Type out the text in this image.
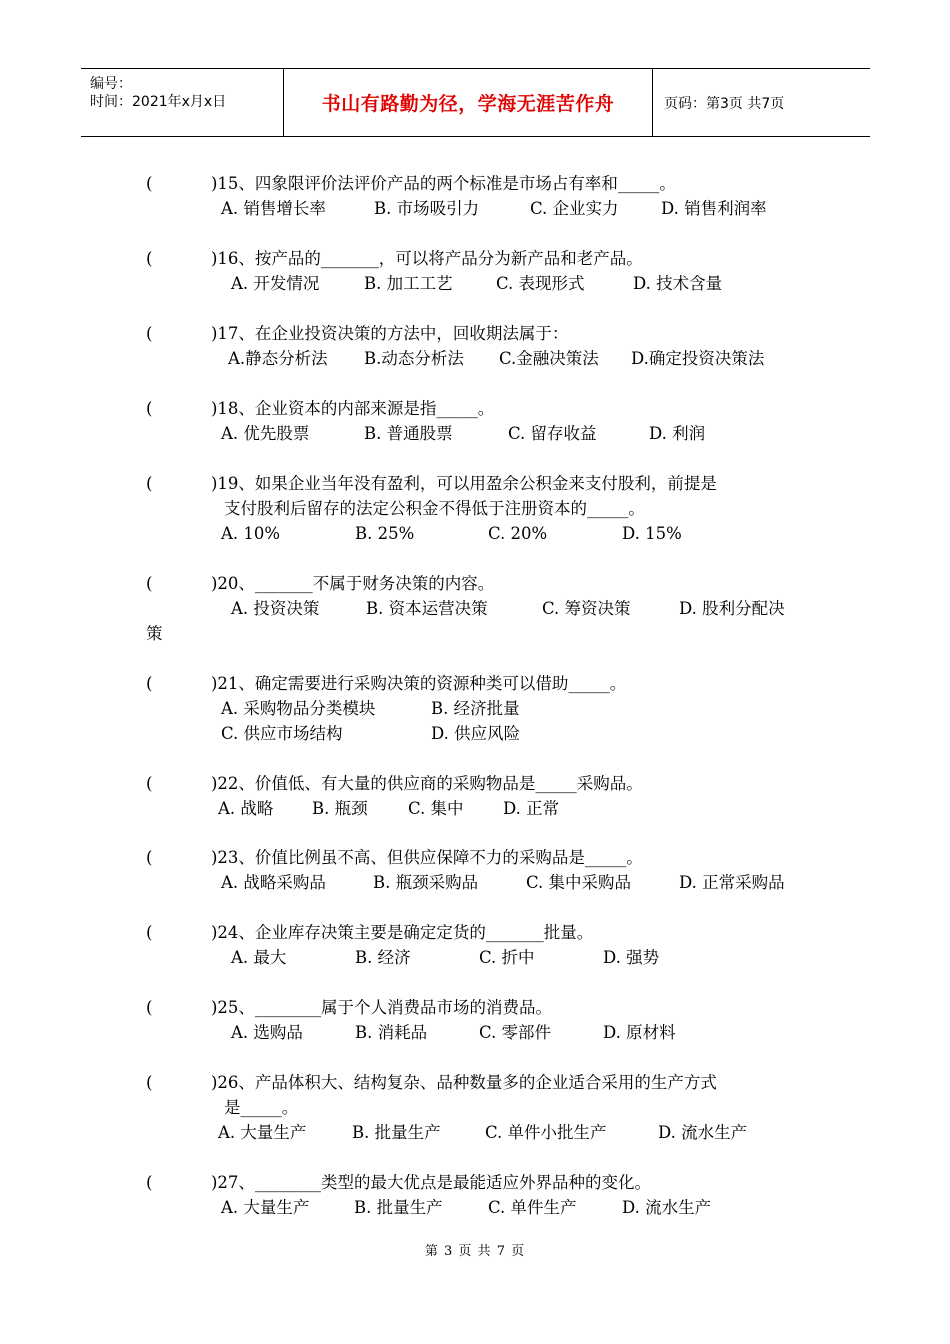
编号：
时间：2021年x月x日	书山有路勤为径，学海无涯苦作舟	页码：第3页 共7页
(	)15、四象限评价法评价产品的两个标准是市场占有率和_____。
A. 销售增长率	B. 市场吸引力	C. 企业实力	D. 销售利润率
(	)16、按产品的_______，可以将产品分为新产品和老产品。
A. 开发情况	B. 加工工艺	C. 表现形式	D. 技术含量
(	)17、在企业投资决策的方法中，回收期法属于：
A.静态分析法 B.动态分析法 C.金融决策法 D.确定投资决策法
(	)18、企业资本的内部来源是指_____。
A. 优先股票	B. 普通股票	C. 留存收益	D. 利润
(	)19、如果企业当年没有盈利，可以用盈余公积金来支付股利，前提是
支付股利后留存的法定公积金不得低于注册资本的_____。
A. 10%	B. 25%	C. 20%	D. 15%
(	)20、_______不属于财务决策的内容。
A. 投资决策	B. 资本运营决策	C. 筹资决策	D. 股利分配决
策
(	)21、确定需要进行采购决策的资源种类可以借助_____。
A. 采购物品分类模块	B. 经济批量
C. 供应市场结构	D. 供应风险
(	)22、价值低、有大量的供应商的采购物品是_____采购品。
A. 战略 B. 瓶颈 C. 集中 D. 正常
(	)23、价值比例虽不高、但供应保障不力的采购品是_____。
A. 战略采购品	B. 瓶颈采购品	C. 集中采购品	D. 正常采购品
(	)24、企业库存决策主要是确定定货的_______批量。
A. 最大	B. 经济	C. 折中	D. 强势
(	)25、________属于个人消费品市场的消费品。
A. 选购品	B. 消耗品	C. 零部件	D. 原材料
(	)26、产品体积大、结构复杂、品种数量多的企业适合采用的生产方式
是_____。
A. 大量生产	B. 批量生产	C. 单件小批生产	D. 流水生产
(	)27、________类型的最大优点是最能适应外界品种的变化。
A. 大量生产	B. 批量生产	C. 单件生产	D. 流水生产
第 3 页 共 7 页
